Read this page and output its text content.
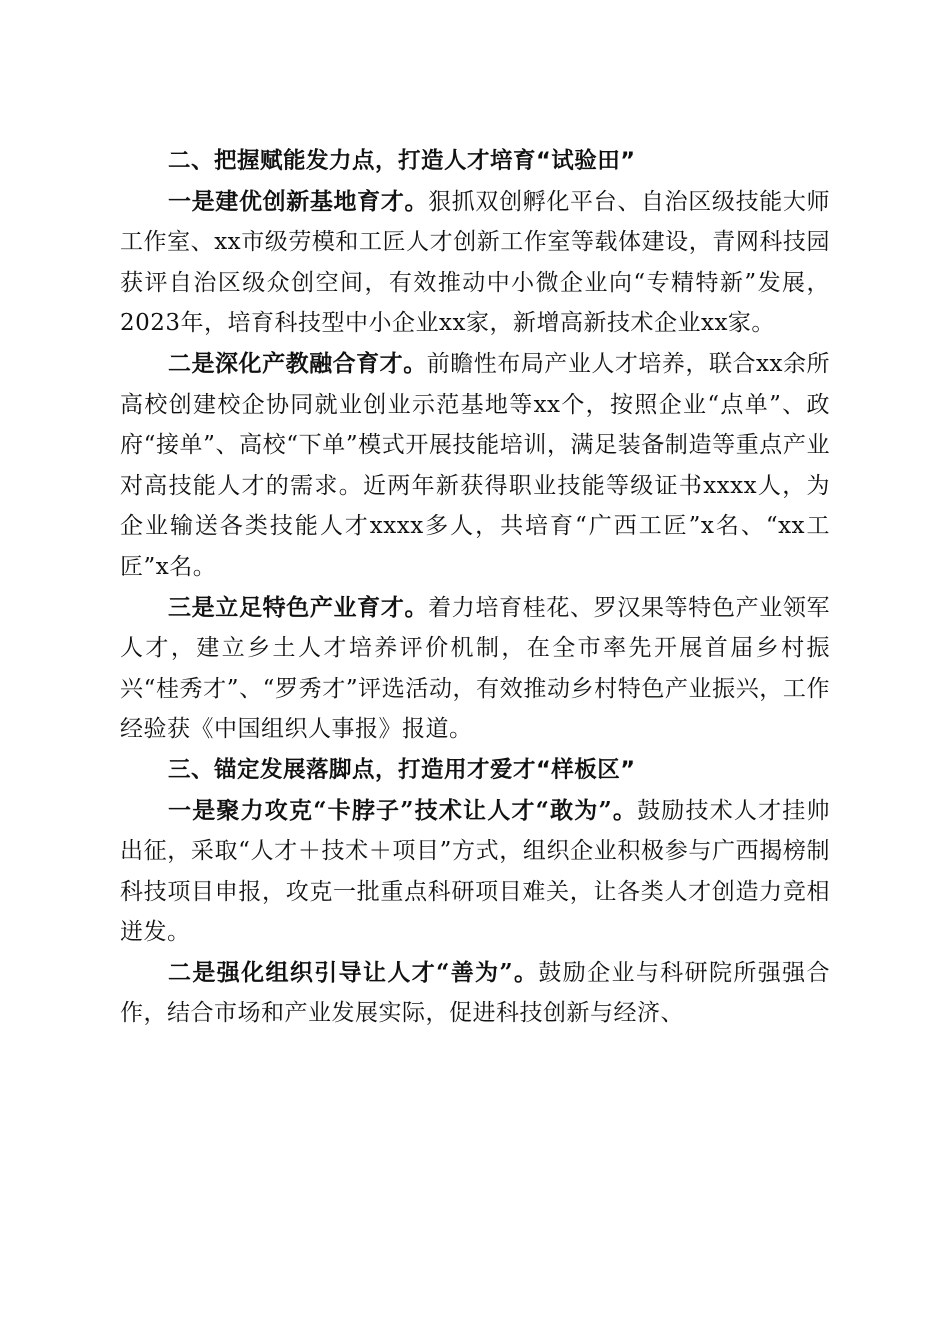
二、把握赋能发力点，打造人才培育“试验田”

一是建优创新基地育才。狠抓双创孵化平台、自治区级技能大师工作室、xx市级劳模和工匠人才创新工作室等载体建设，青网科技园获评自治区级众创空间，有效推动中小微企业向“专精特新”发展，2023年，培育科技型中小企业xx家，新增高新技术企业xx家。

二是深化产教融合育才。前瞻性布局产业人才培养，联合xx余所高校创建校企协同就业创业示范基地等xx个，按照企业“点单”、政府“接单”、高校“下单”模式开展技能培训，满足装备制造等重点产业对高技能人才的需求。近两年新获得职业技能等级证书xxxx人，为企业输送各类技能人才xxxx多人，共培育“广西工匠”x名、“xx工匠”x名。

三是立足特色产业育才。着力培育桂花、罗汉果等特色产业领军人才，建立乡土人才培养评价机制，在全市率先开展首届乡村振兴“桂秀才”、“罗秀才”评选活动，有效推动乡村特色产业振兴，工作经验获《中国组织人事报》报道。

三、锚定发展落脚点，打造用才爱才“样板区”

一是聚力攻克“卡脖子”技术让人才“敢为”。鼓励技术人才挂帅出征，采取“人才＋技术＋项目”方式，组织企业积极参与广西揭榜制科技项目申报，攻克一批重点科研项目难关，让各类人才创造力竞相迸发。

二是强化组织引导让人才“善为”。鼓励企业与科研院所强强合作，结合市场和产业发展实际，促进科技创新与经济、
